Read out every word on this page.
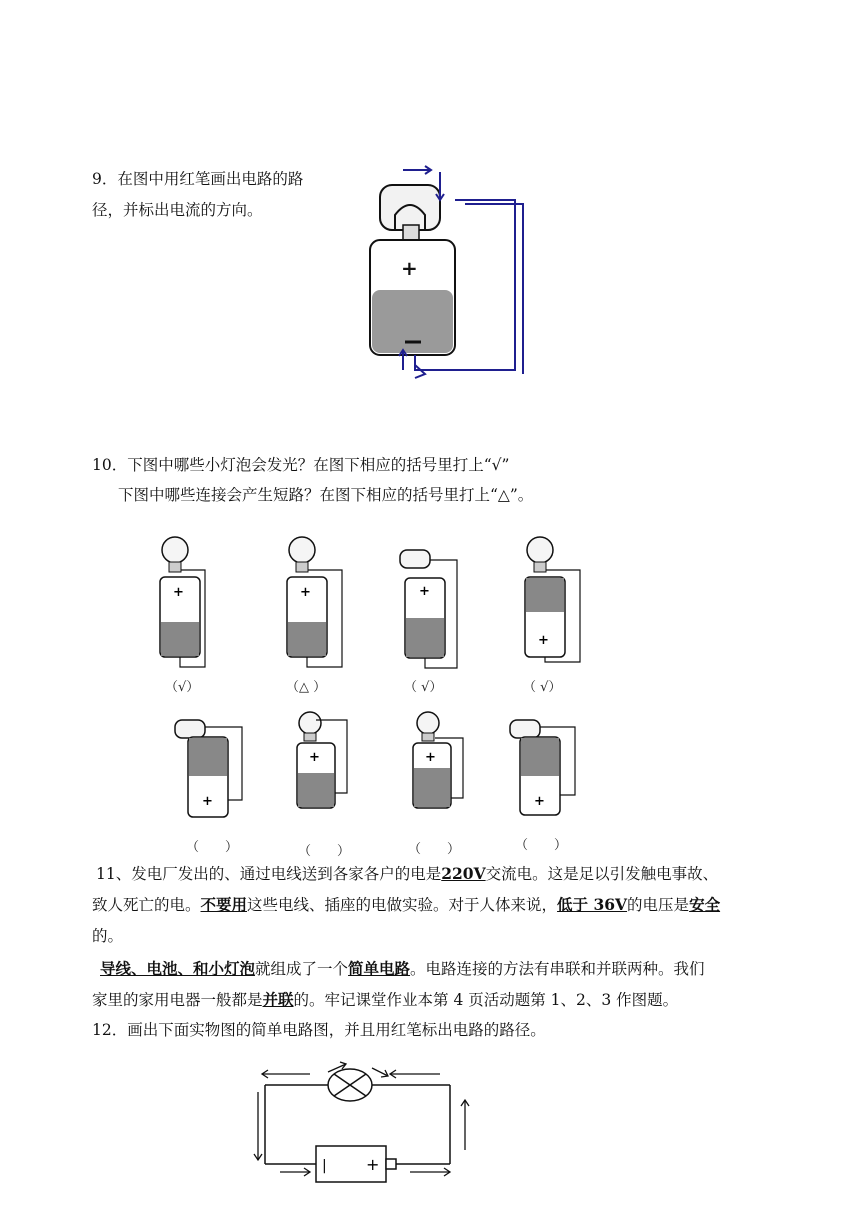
9．在图中用红笔画出电路的路
径，并标出电流的方向。
+
10．下图中哪些小灯泡会发光？在图下相应的括号里打上“√”
下图中哪些连接会产生短路？在图下相应的括号里打上“△”。
+	+	+
+
（√）	（△ ）	（ √）	（ √）
+
+	+
+
（　　）	（　　）	（　　）	（　　）
11、发电厂发出的、通过电线送到各家各户的电是220V交流电。这是足以引发触电事故、
致人死亡的电。不要用这些电线、插座的电做实验。对于人体来说，低于 36V的电压是安全
的。
导线、电池、和小灯泡就组成了一个简单电路。电路连接的方法有串联和并联两种。我们
家里的家用电器一般都是并联的。牢记课堂作业本第 4 页活动题第 1、2、3 作图题。
12．画出下面实物图的简单电路图，并且用红笔标出电路的路径。
| +
